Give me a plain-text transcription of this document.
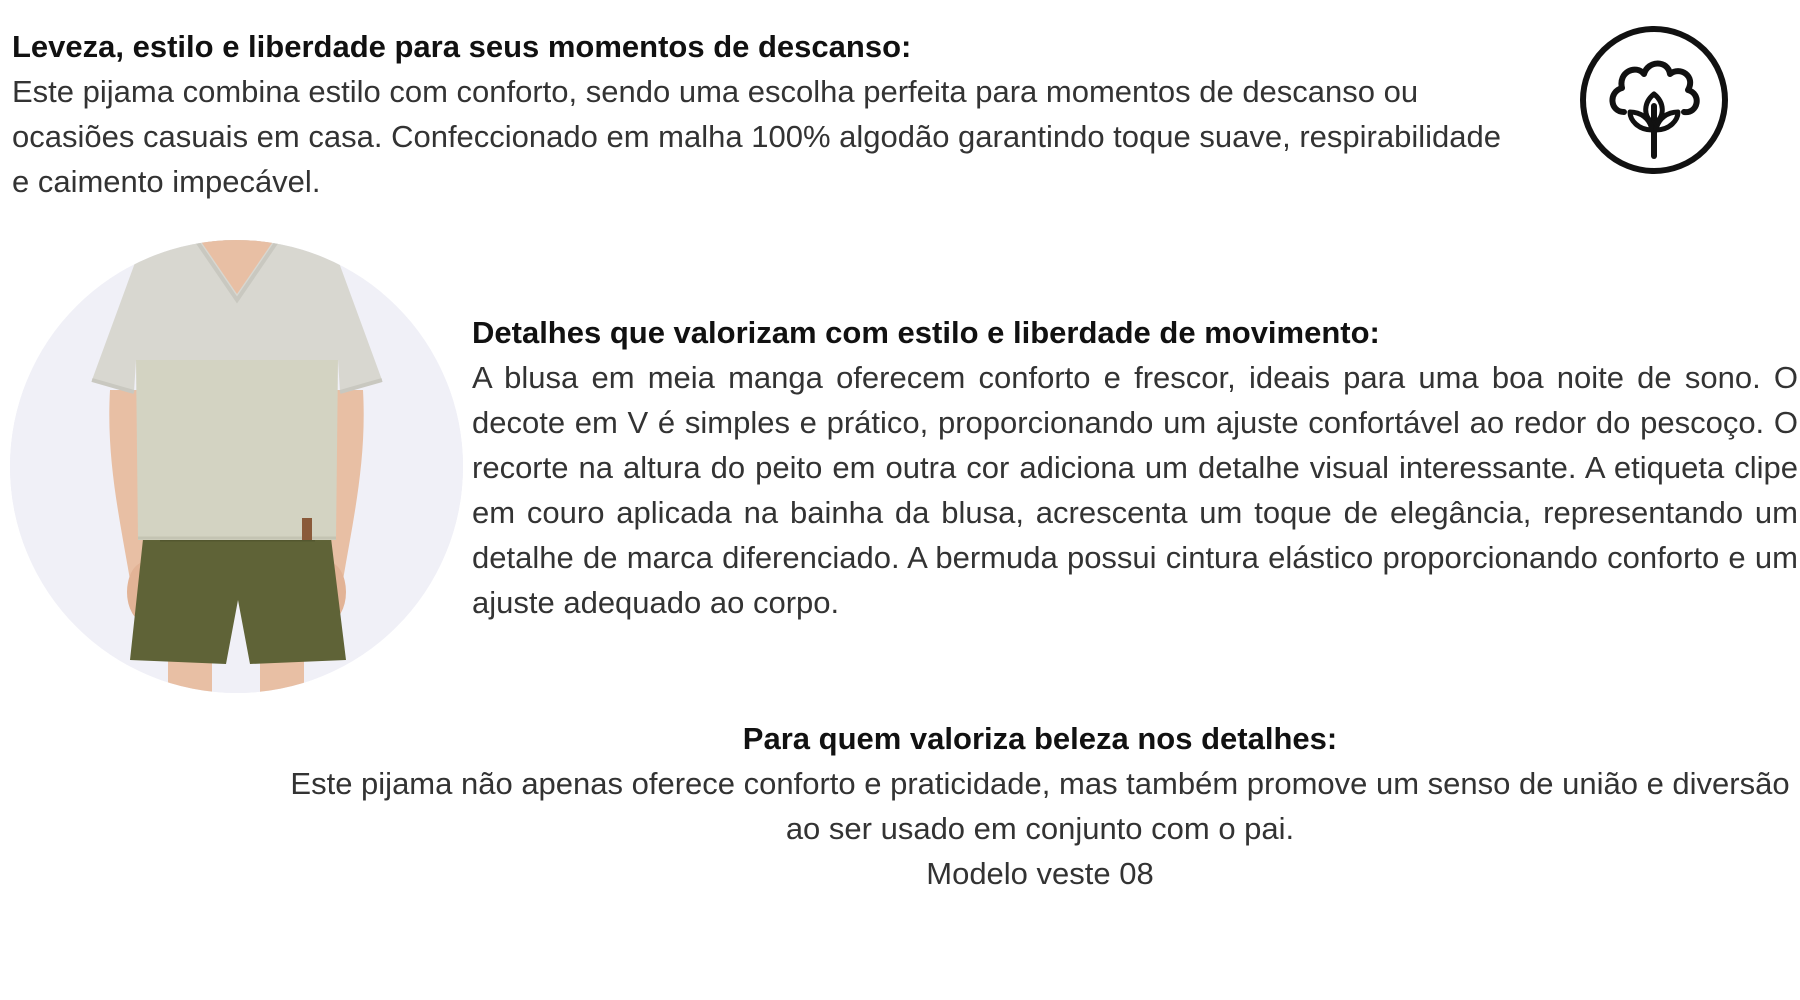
Leveza, estilo e liberdade para seus momentos de descanso:

Este pijama combina estilo com conforto, sendo uma escolha perfeita para momentos de descanso ou ocasiões casuais em casa. Confeccionado em malha 100% algodão garantindo toque suave, respirabilidade e caimento impecável.

Detalhes que valorizam com estilo e liberdade de movimento:

A blusa em meia manga oferecem conforto e frescor, ideais para uma boa noite de sono. O decote em V é simples e prático, proporcionando um ajuste confortável ao redor do pescoço. O recorte na altura do peito em outra cor adiciona um detalhe visual interessante. A etiqueta clipe em couro aplicada na bainha da blusa, acrescenta um toque de elegância, representando um detalhe de marca diferenciado. A bermuda possui cintura elástico proporcionando conforto e um ajuste adequado ao corpo.

Para quem valoriza beleza nos detalhes:

Este pijama não apenas oferece conforto e praticidade, mas também promove um senso de união e diversão ao ser usado em conjunto com o pai.

Modelo veste 08
